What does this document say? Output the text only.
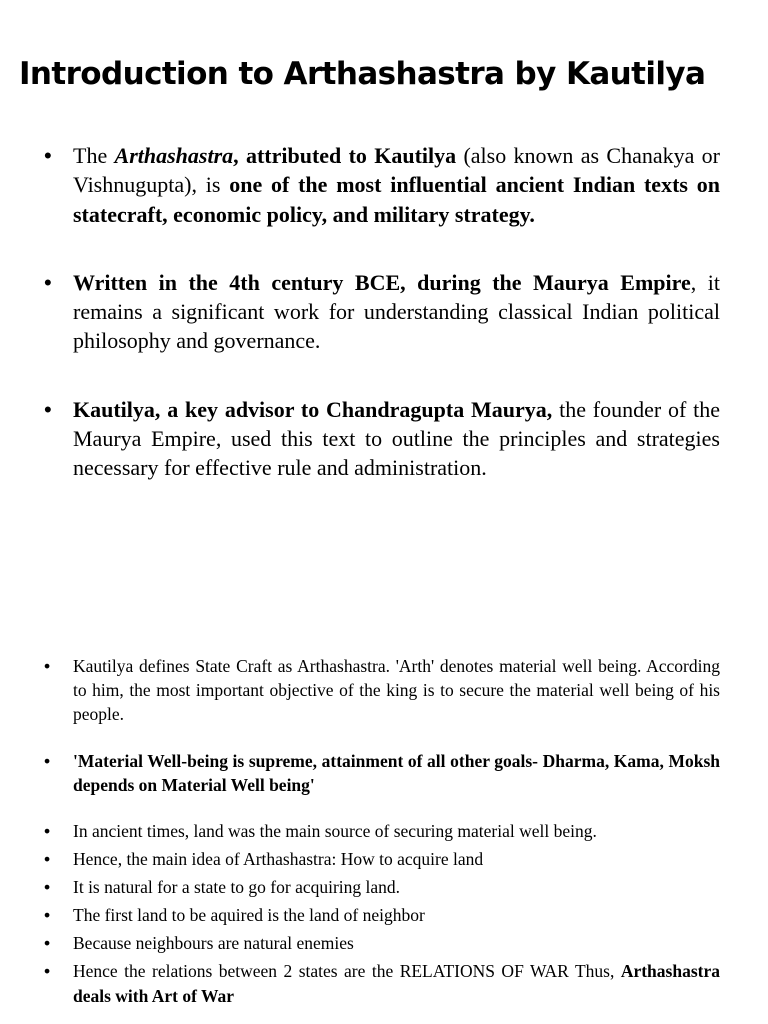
Introduction to Arthashastra by Kautilya
• The Arthashastra, attributed to Kautilya (also known as Chanakya or Vishnugupta), is one of the most influential ancient Indian texts on statecraft, economic policy, and military strategy.
• Written in the 4th century BCE, during the Maurya Empire, it remains a significant work for understanding classical Indian political philosophy and governance.
• Kautilya, a key advisor to Chandragupta Maurya, the founder of the Maurya Empire, used this text to outline the principles and strategies necessary for effective rule and administration.
• Kautilya defines State Craft as Arthashastra. 'Arth' denotes material well being. According to him, the most important objective of the king is to secure the material well being of his people.
• 'Material Well-being is supreme, attainment of all other goals- Dharma, Kama, Moksh depends on Material Well being'
• In ancient times, land was the main source of securing material well being.
• Hence, the main idea of Arthashastra: How to acquire land
• It is natural for a state to go for acquiring land.
• The first land to be aquired is the land of neighbor
• Because neighbours are natural enemies
• Hence the relations between 2 states are the RELATIONS OF WAR Thus, Arthashastra deals with Art of War
